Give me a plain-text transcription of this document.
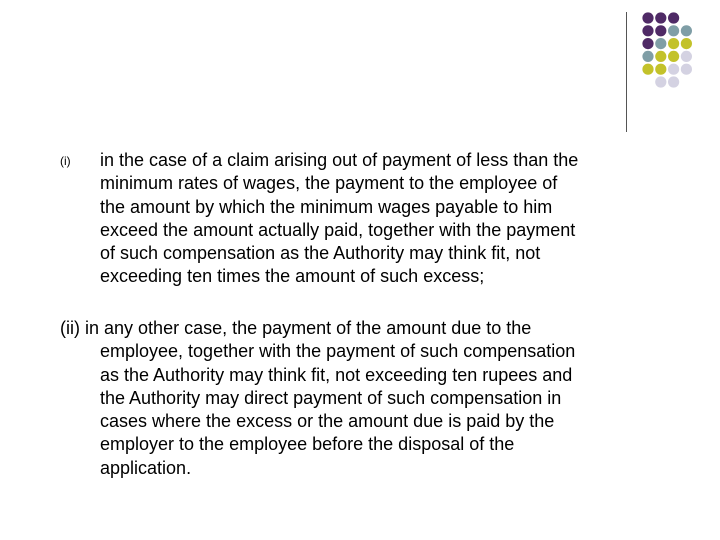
(i) in the case of a claim arising out of payment of less than the
minimum rates of wages, the payment to the employee of
the amount by which the minimum wages payable to him
exceed the amount actually paid, together with the payment
of such compensation as the Authority may think fit, not
exceeding ten times the amount of such excess;
(ii) in any other case, the payment of the amount due to the
employee, together with the payment of such compensation
as the Authority may think fit, not exceeding ten rupees and
the Authority may direct payment of such compensation in
cases where the excess or the amount due is paid by the
employer to the employee before the disposal of the
application.
